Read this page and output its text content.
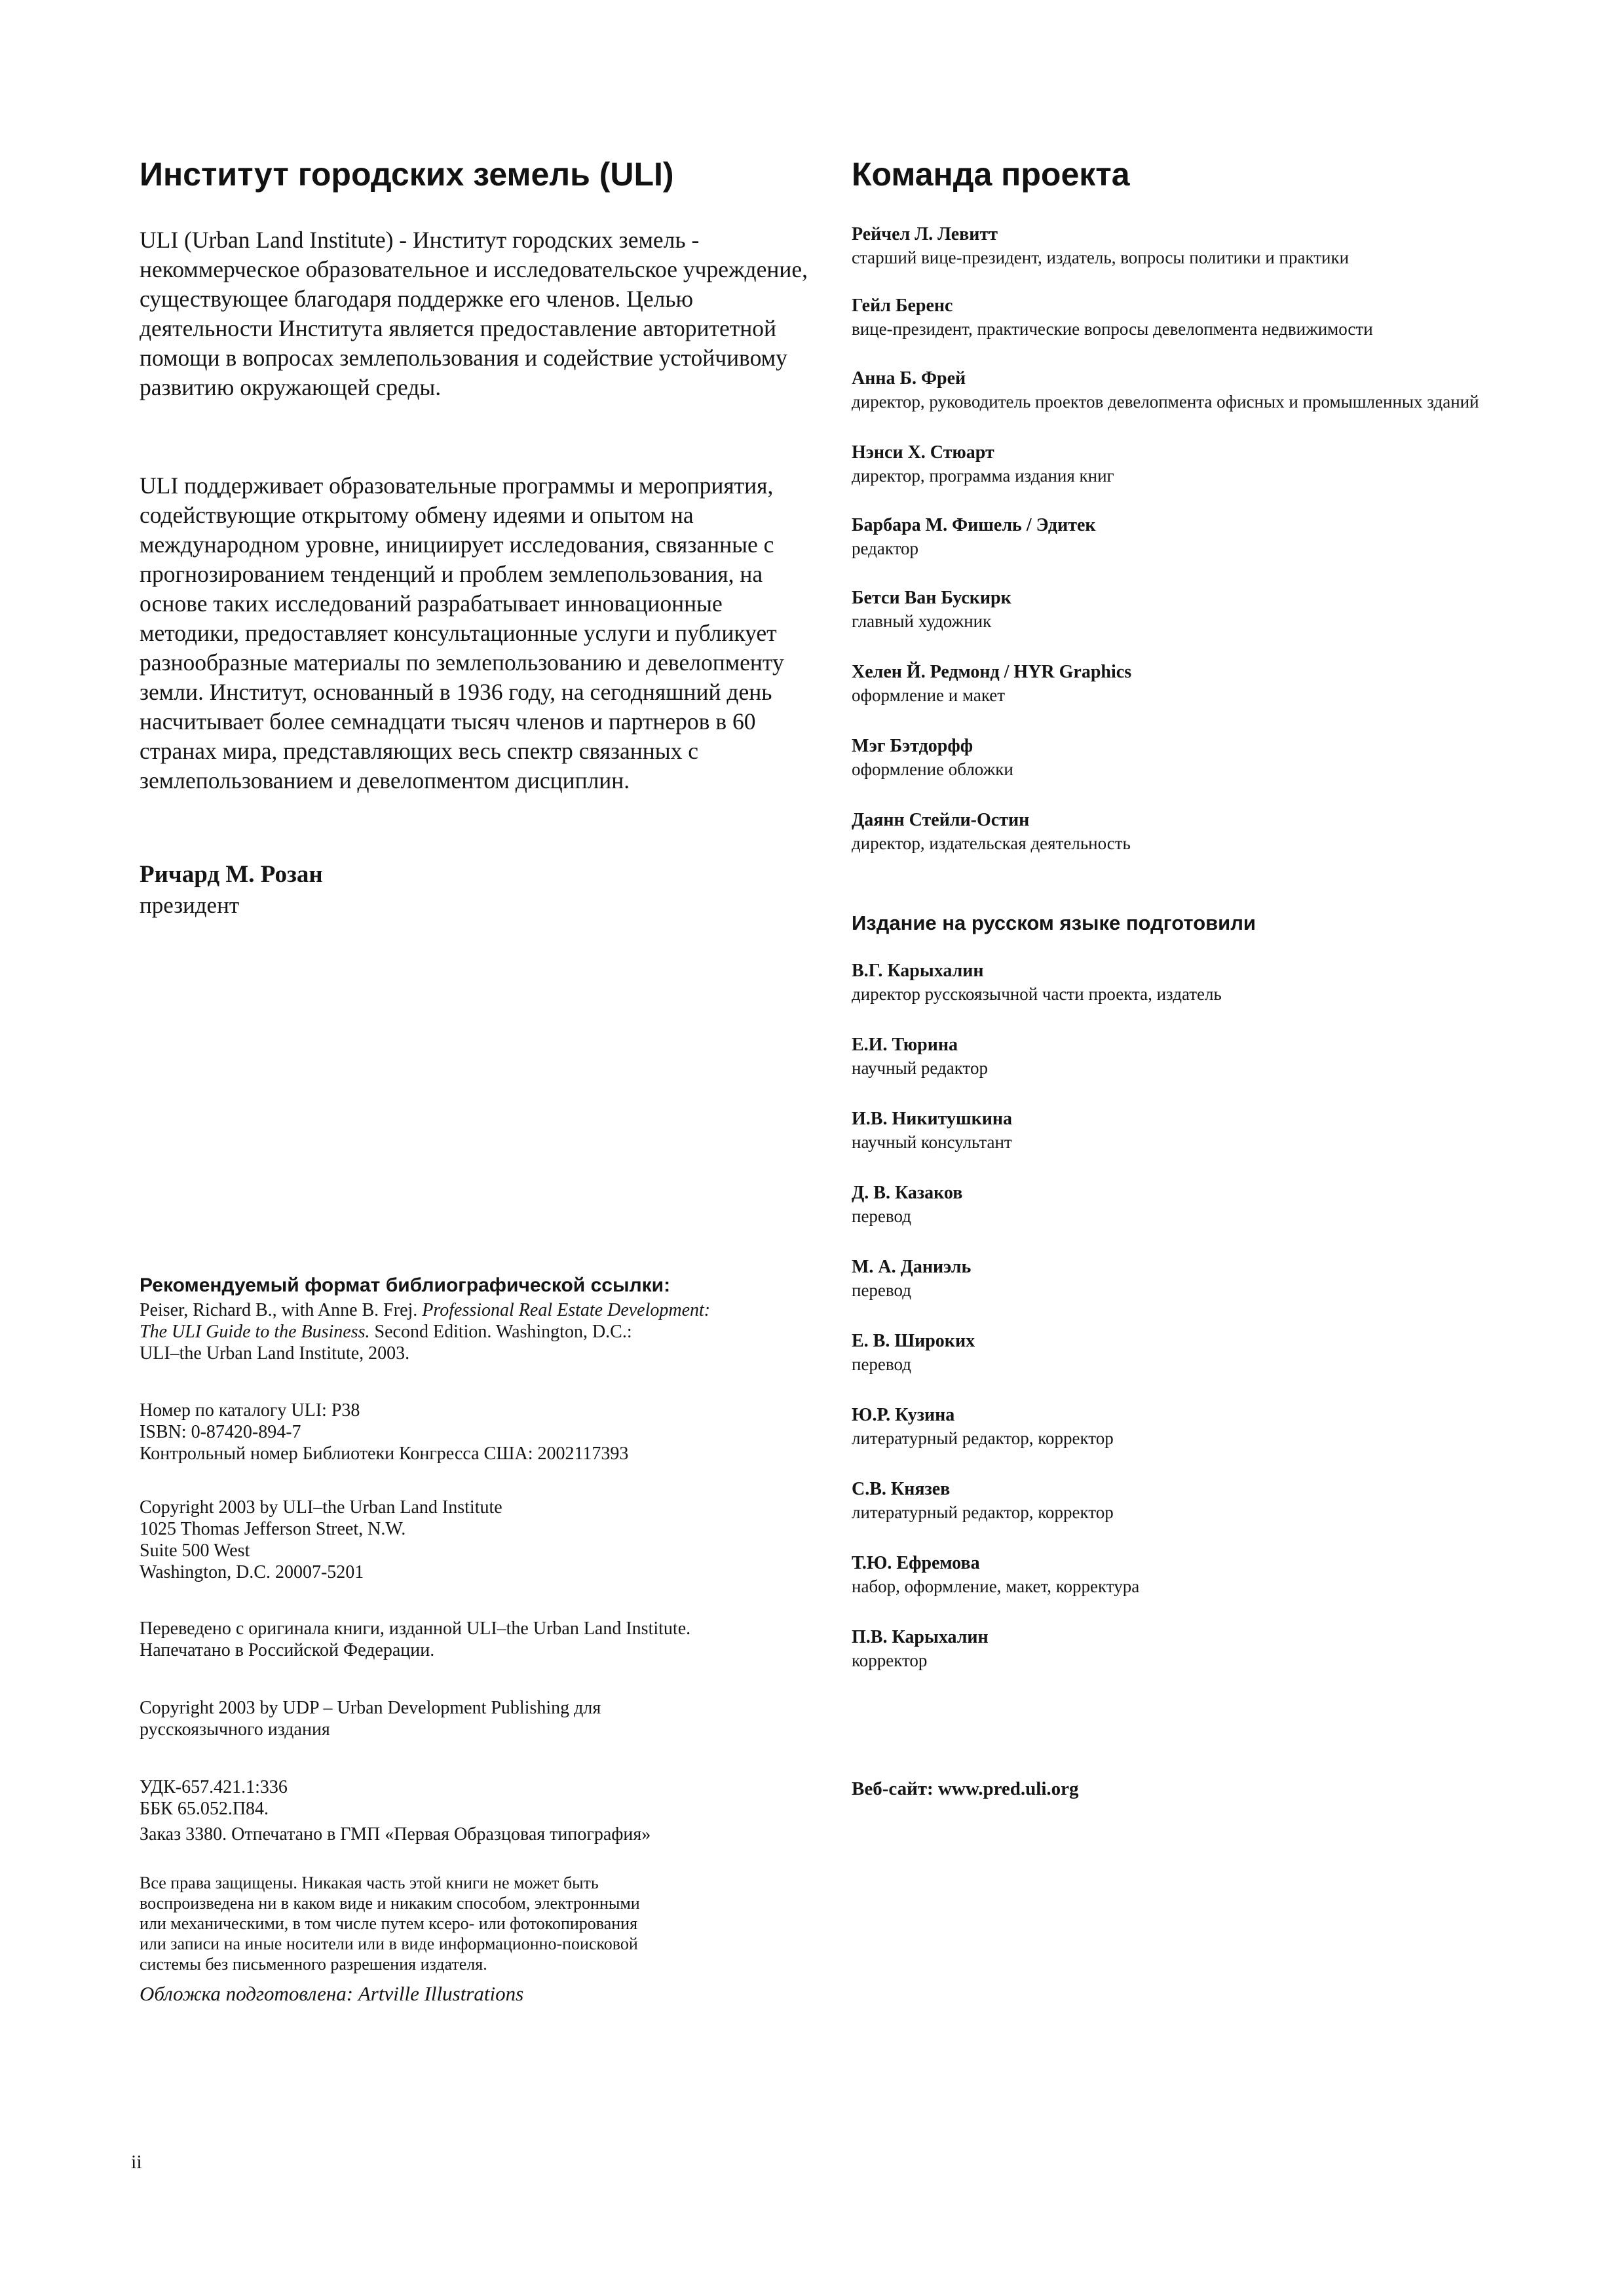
Институт городских земель (ULI)

ULI (Urban Land Institute) - Институт городских земель - некоммерческое образовательное и исследовательское учреждение, существующее благодаря поддержке его членов. Целью деятельности Института является предоставление авторитетной помощи в вопросах землепользования и содействие устойчивому развитию окружающей среды.

ULI поддерживает образовательные программы и мероприятия, содействующие открытому обмену идеями и опытом на международном уровне, инициирует исследования, связанные с прогнозированием тенденций и проблем землепользования, на основе таких исследований разрабатывает инновационные методики, предоставляет консультационные услуги и публикует разнообразные материалы по землепользованию и девелопменту земли. Институт, основанный в 1936 году, на сегодняшний день насчитывает более семнадцати тысяч членов и партнеров в 60 странах мира, представляющих весь спектр связанных с землепользованием и девелопментом дисциплин.

Ричард М. Розан
президент
Рекомендуемый формат библиографической ссылки:
Peiser, Richard B., with Anne B. Frej. Professional Real Estate Development:
The ULI Guide to the Business. Second Edition. Washington, D.C.:
ULI–the Urban Land Institute, 2003.
Номер по каталогу ULI: P38
ISBN: 0-87420-894-7
Контрольный номер Библиотеки Конгресса США: 2002117393
Copyright 2003 by ULI–the Urban Land Institute
1025 Thomas Jefferson Street, N.W.
Suite 500 West
Washington, D.C. 20007-5201
Переведено с оригинала книги, изданной ULI–the Urban Land Institute.
Напечатано в Российской Федерации.
Copyright 2003 by UDP – Urban Development Publishing для
русскоязычного издания
УДК-657.421.1:336
ББК 65.052.П84.
Заказ 3380. Отпечатано в ГМП «Первая Образцовая типография»
Все права защищены. Никакая часть этой книги не может быть
воспроизведена ни в каком виде и никаким способом, электронными
или механическими, в том числе путем ксеро- или фотокопирования
или записи на иные носители или в виде информационно-поисковой
системы без письменного разрешения издателя.
Обложка подготовлена: Artville Illustrations
ii
Команда проекта
Рейчел Л. Левитт
старший вице-президент, издатель, вопросы политики и практики
Гейл Беренс
вице-президент, практические вопросы девелопмента недвижимости
Анна Б. Фрей
директор, руководитель проектов девелопмента офисных и промышленных зданий
Нэнси Х. Стюарт
директор, программа издания книг
Барбара М. Фишель / Эдитек
редактор
Бетси Ван Бускирк
главный художник
Хелен Й. Редмонд / HYR Graphics
оформление и макет
Мэг Бэтдорфф
оформление обложки
Даянн Стейли-Остин
директор, издательская деятельность
Издание на русском языке подготовили
В.Г. Карыхалин
директор русскоязычной части проекта, издатель
Е.И. Тюрина
научный редактор
И.В. Никитушкина
научный консультант
Д. В. Казаков
перевод
М. А. Даниэль
перевод
Е. В. Широких
перевод
Ю.Р. Кузина
литературный редактор, корректор
С.В. Князев
литературный редактор, корректор
Т.Ю. Ефремова
набор, оформление, макет, корректура
П.В. Карыхалин
корректор
Веб-сайт: www.pred.uli.org
